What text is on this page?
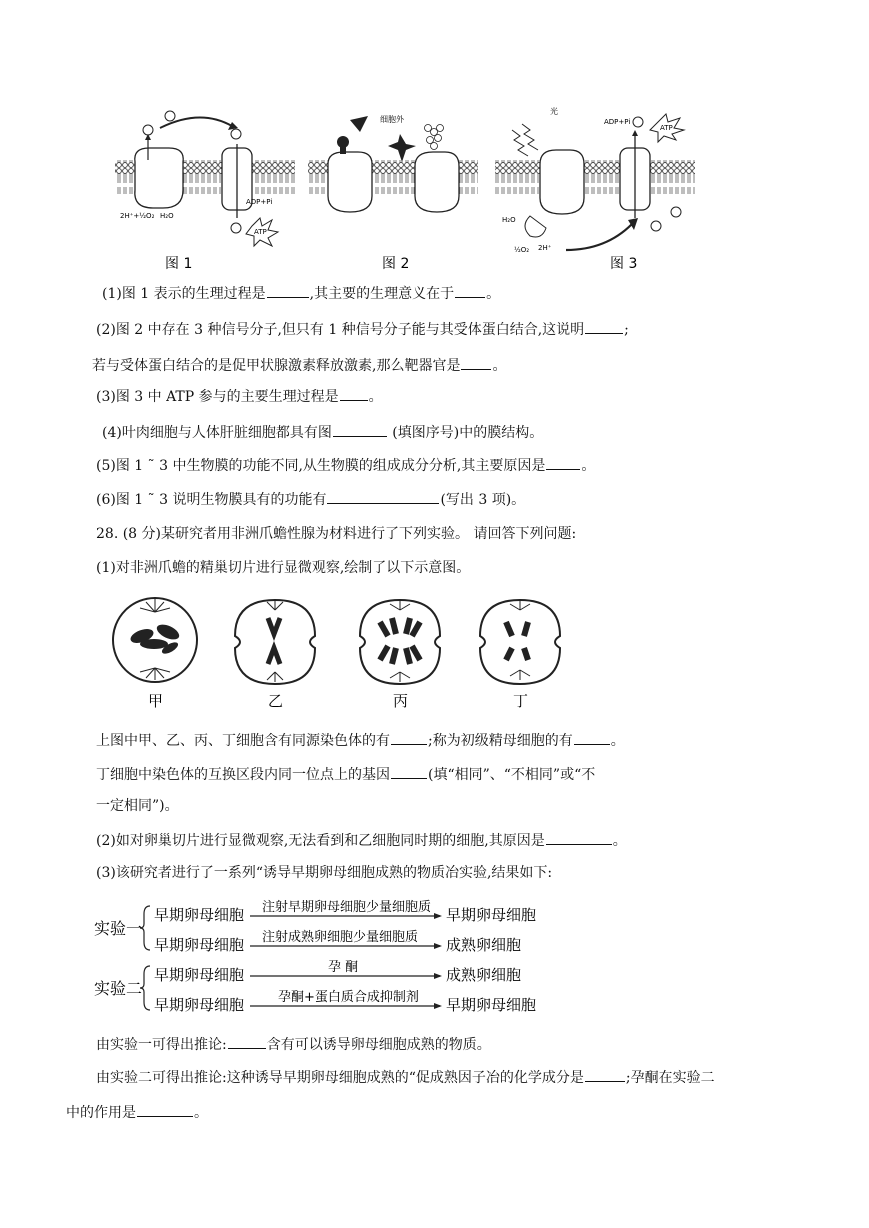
2H⁺+½O₂ H₂O
ADP+Pi
ATP
图 1
细胞外
图 2
光
ADP+Pi
ATP
H₂O
½O₂ 2H⁺
图 3
(1)图 1 表示的生理过程是	,其主要的生理意义在于 。
(2)图 2 中存在 3 种信号分子,但只有 1 种信号分子能与其受体蛋白结合,这说明	;
若与受体蛋白结合的是促甲状腺激素释放激素,那么靶器官是 。
(3)图 3 中 ATP 参与的主要生理过程是 。
(4)叶肉细胞与人体肝脏细胞都具有图	(填图序号)中的膜结构。
(5)图 1 ˜ 3 中生物膜的功能不同,从生物膜的组成成分分析,其主要原因是	。
(6)图 1 ˜ 3 说明生物膜具有的功能有	(写出 3 项)。
28. (8 分)某研究者用非洲爪蟾性腺为材料进行了下列实验。 请回答下列问题:
(1)对非洲爪蟾的精巢切片进行显微观察,绘制了以下示意图。
甲	乙	丙	丁
上图中甲、乙、丙、丁细胞含有同源染色体的有	;称为初级精母细胞的有	。
丁细胞中染色体的互换区段内同一位点上的基因	(填“相同”、“不相同”或“不
一定相同”)。
(2)如对卵巢切片进行显微观察,无法看到和乙细胞同时期的细胞,其原因是	。
(3)该研究者进行了一系列“诱导早期卵母细胞成熟的物质冶实验,结果如下:
实验一
早期卵母细胞 注射早期卵母细胞少量细胞质 早期卵母细胞
早期卵母细胞 注射成熟卵细胞少量细胞质 成熟卵细胞
实验二
早期卵母细胞	孕 酮	成熟卵细胞
早期卵母细胞	孕酮+蛋白质合成抑制剂 早期卵母细胞
由实验一可得出推论:	含有可以诱导卵母细胞成熟的物质。
由实验二可得出推论:这种诱导早期卵母细胞成熟的“促成熟因子冶的化学成分是	;孕酮在实验二
中的作用是	。
